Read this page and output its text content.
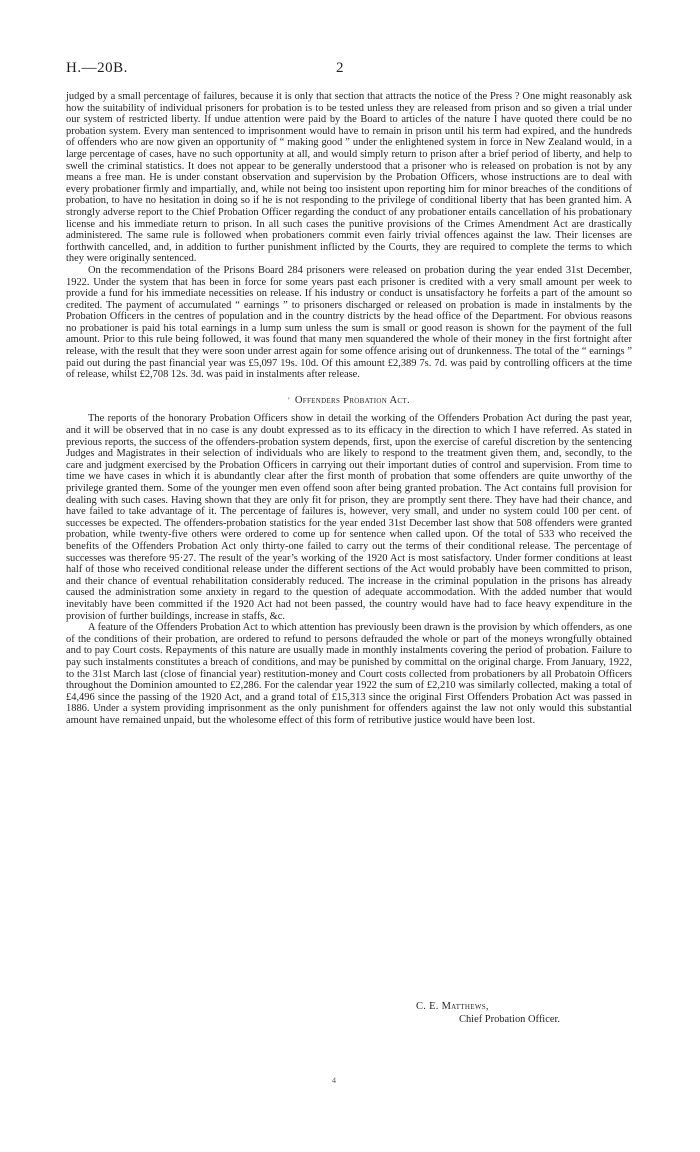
H.—20B.	2

judged by a small percentage of failures, because it is only that section that attracts the notice of the Press ? One might reasonably ask how the suitability of individual prisoners for probation is to be tested unless they are released from prison and so given a trial under our system of restricted liberty. If undue attention were paid by the Board to articles of the nature I have quoted there could be no probation system. Every man sentenced to imprisonment would have to remain in prison until his term had expired, and the hundreds of offenders who are now given an opportunity of “ making good ” under the enlightened system in force in New Zealand would, in a large percentage of cases, have no such opportunity at all, and would simply return to prison after a brief period of liberty, and help to swell the criminal statistics. It does not appear to be generally understood that a prisoner who is released on probation is not by any means a free man. He is under constant observation and supervision by the Probation Officers, whose instructions are to deal with every probationer firmly and impartially, and, while not being too insistent upon reporting him for minor breaches of the conditions of probation, to have no hesitation in doing so if he is not responding to the privilege of conditional liberty that has been granted him. A strongly adverse report to the Chief Probation Officer regarding the conduct of any probationer entails cancellation of his probationary license and his immediate return to prison. In all such cases the punitive provisions of the Crimes Amendment Act are drastically administered. The same rule is followed when probationers commit even fairly trivial offences against the law. Their licenses are forthwith cancelled, and, in addition to further punishment inflicted by the Courts, they are required to complete the terms to which they were originally sentenced.

On the recommendation of the Prisons Board 284 prisoners were released on probation during the year ended 31st December, 1922. Under the system that has been in force for some years past each prisoner is credited with a very small amount per week to provide a fund for his immediate necessities on release. If his industry or conduct is unsatisfactory he forfeits a part of the amount so credited. The payment of accumulated “ earnings ” to prisoners discharged or released on probation is made in instalments by the Probation Officers in the centres of population and in the country districts by the head office of the Department. For obvious reasons no probationer is paid his total earnings in a lump sum unless the sum is small or good reason is shown for the payment of the full amount. Prior to this rule being followed, it was found that many men squandered the whole of their money in the first fortnight after release, with the result that they were soon under arrest again for some offence arising out of drunkenness. The total of the “ earnings ” paid out during the past financial year was £5,097 19s. 10d. Of this amount £2,389 7s. 7d. was paid by controlling officers at the time of release, whilst £2,708 12s. 3d. was paid in instalments after release.

' Offenders Probation Act.

The reports of the honorary Probation Officers show in detail the working of the Offenders Probation Act during the past year, and it will be observed that in no case is any doubt expressed as to its efficacy in the direction to which I have referred. As stated in previous reports, the success of the offenders-probation system depends, first, upon the exercise of careful discretion by the sentencing Judges and Magistrates in their selection of individuals who are likely to respond to the treatment given them, and, secondly, to the care and judgment exercised by the Probation Officers in carrying out their important duties of control and supervision. From time to time we have cases in which it is abundantly clear after the first month of probation that some offenders are quite unworthy of the privilege granted them. Some of the younger men even offend soon after being granted probation. The Act contains full provision for dealing with such cases. Having shown that they are only fit for prison, they are promptly sent there. They have had their chance, and have failed to take advantage of it. The percentage of failures is, however, very small, and under no system could 100 per cent. of successes be expected. The offenders-probation statistics for the year ended 31st December last show that 508 offenders were granted probation, while twenty-five others were ordered to come up for sentence when called upon. Of the total of 533 who received the benefits of the Offenders Probation Act only thirty-one failed to carry out the terms of their conditional release. The percentage of successes was therefore 95·27. The result of the year’s working of the 1920 Act is most satisfactory. Under former conditions at least half of those who received conditional release under the different sections of the Act would probably have been committed to prison, and their chance of eventual rehabilitation considerably reduced. The increase in the criminal population in the prisons has already caused the administration some anxiety in regard to the question of adequate accommodation. With the added number that would inevitably have been committed if the 1920 Act had not been passed, the country would have had to face heavy expenditure in the provision of further buildings, increase in staffs, &c.

A feature of the Offenders Probation Act to which attention has previously been drawn is the provision by which offenders, as one of the conditions of their probation, are ordered to refund to persons defrauded the whole or part of the moneys wrongfully obtained and to pay Court costs. Repayments of this nature are usually made in monthly instalments covering the period of probation. Failure to pay such instalments constitutes a breach of conditions, and may be punished by committal on the original charge. From January, 1922, to the 31st March last (close of financial year) restitution-money and Court costs collected from probationers by all Probatoin Officers throughout the Dominion amounted to £2,286. For the calendar year 1922 the sum of £2,210 was similarly collected, making a total of £4,496 since the passing of the 1920 Act, and a grand total of £15,313 since the original First Offenders Probation Act was passed in 1886. Under a system providing imprisonment as the only punishment for offenders against the law not only would this substantial amount have remained unpaid, but the wholesome effect of this form of retributive justice would have been lost.

C. E. Matthews,
Chief Probation Officer.
4
